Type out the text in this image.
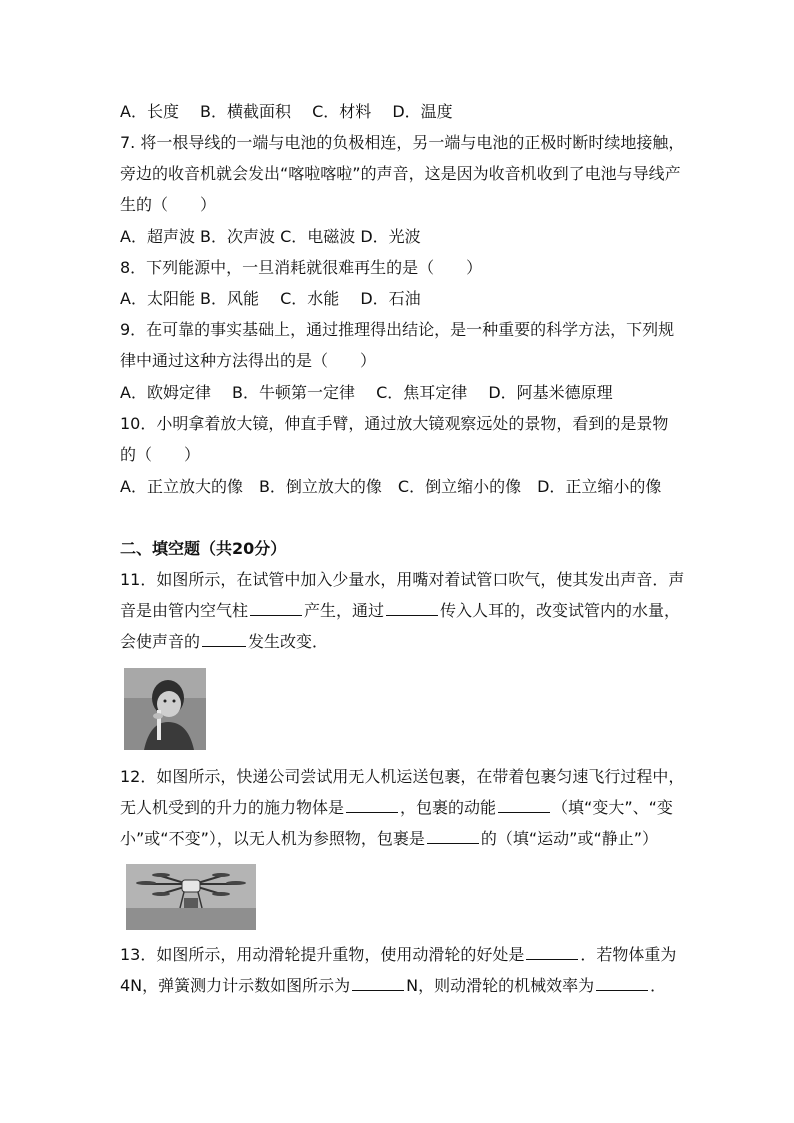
A．长度　 B．横截面积　 C．材料　 D．温度
7. 将一根导线的一端与电池的负极相连，另一端与电池的正极时断时续地接触，
旁边的收音机就会发出“喀啦喀啦”的声音，这是因为收音机收到了电池与导线产
生的（　　）
A．超声波 B．次声波 C．电磁波 D．光波
8．下列能源中，一旦消耗就很难再生的是（　　）
A．太阳能 B．风能　 C．水能　 D．石油
9．在可靠的事实基础上，通过推理得出结论，是一种重要的科学方法，下列规
律中通过这种方法得出的是（　　）
A．欧姆定律　 B．牛顿第一定律　 C．焦耳定律　 D．阿基米德原理
10．小明拿着放大镜，伸直手臂，通过放大镜观察远处的景物，看到的是景物
的（　　）
A．正立放大的像　B．倒立放大的像　C．倒立缩小的像　D．正立缩小的像
二、填空题（共20分）
11．如图所示，在试管中加入少量水，用嘴对着试管口吹气，使其发出声音．声
音是由管内空气柱	产生，通过	传入人耳的，改变试管内的水量，
会使声音的	发生改变．
12．如图所示，快递公司尝试用无人机运送包裹，在带着包裹匀速飞行过程中，
无人机受到的升力的施力物体是	，包裹的动能	（填“变大”、“变
小”或“不变”），以无人机为参照物，包裹是	的（填“运动”或“静止”）
13．如图所示，用动滑轮提升重物，使用动滑轮的好处是	．若物体重为
4N，弹簧测力计示数如图所示为	N，则动滑轮的机械效率为	．
